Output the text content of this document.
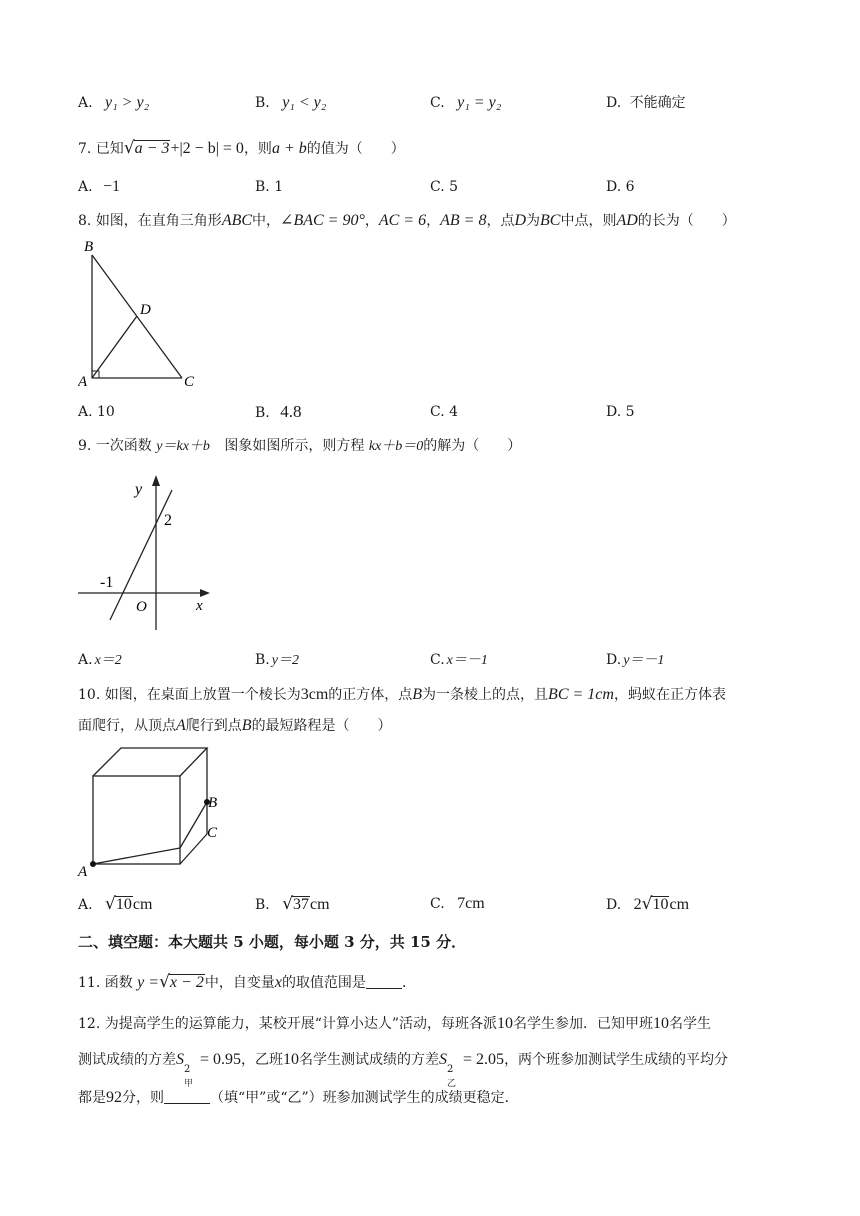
A. y₁ > y₂	B. y₁ < y₂	C. y₁ = y₂	D. 不能确定
7. 已知√a − 3+|2 − b| = 0，则a + b的值为（　　）
A. −1	B. 1	C. 5	D. 6
8. 如图，在直角三角形ABC中，∠BAC = 90°，AC = 6，AB = 8，点D为BC中点，则AD的长为（　　）
B
D
A	C
A. 10	B. 4.8	C. 4	D. 5
9. 一次函数 y＝kx＋b 图象如图所示，则方程 kx＋b＝0的解为（　　）
y
x
O
2
-1
A. x＝2	B. y＝2	C. x＝－1	D. y＝－1
10. 如图，在桌面上放置一个棱长为3cm的正方体，点B为一条棱上的点，且BC = 1cm，蚂蚁在正方体表
面爬行，从顶点A爬行到点B的最短路程是（　　）
A
B
C
A. √10cm	B. √37cm	C. 7cm	D. 2√10cm
二、填空题：本大题共 5 小题，每小题 3 分，共 15 分．
11. 函数 y =√x − 2中，自变量x的取值范围是	．
12. 为提高学生的运算能力，某校开展“计算小达人”活动，每班各派10名学生参加．已知甲班10名学生
测试成绩的方差S
2
甲
= 0.95，乙班10名学生测试成绩的方差S
2
乙
= 2.05，两个班参加测试学生成绩的平均分
都是92分，则	（填“甲”或“乙”）班参加测试学生的成绩更稳定．
